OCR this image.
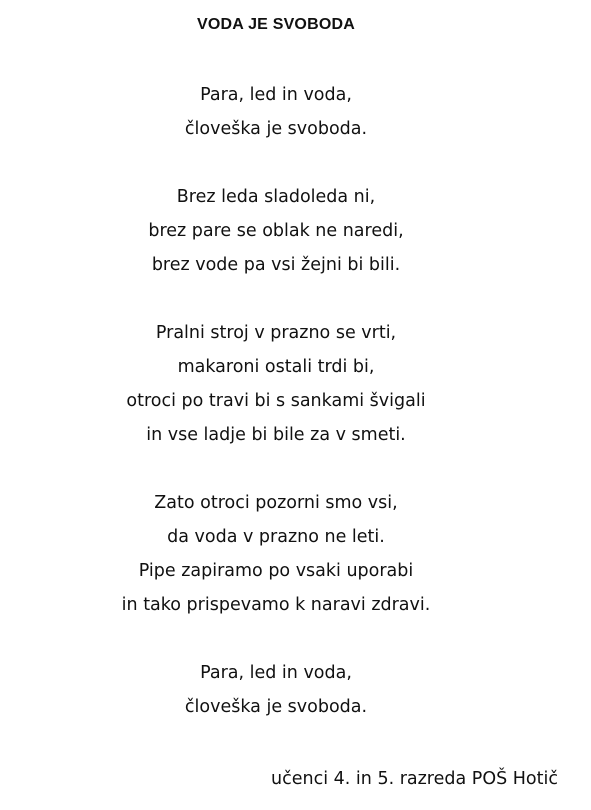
VODA JE SVOBODA
Para, led in voda,
človeška je svoboda.
Brez leda sladoleda ni,
brez pare se oblak ne naredi,
brez vode pa vsi žejni bi bili.
Pralni stroj v prazno se vrti,
makaroni ostali trdi bi,
otroci po travi bi s sankami švigali
in vse ladje bi bile za v smeti.
Zato otroci pozorni smo vsi,
da voda v prazno ne leti.
Pipe zapiramo po vsaki uporabi
in tako prispevamo k naravi zdravi.
Para, led in voda,
človeška je svoboda.
učenci 4. in 5. razreda POŠ Hotič
